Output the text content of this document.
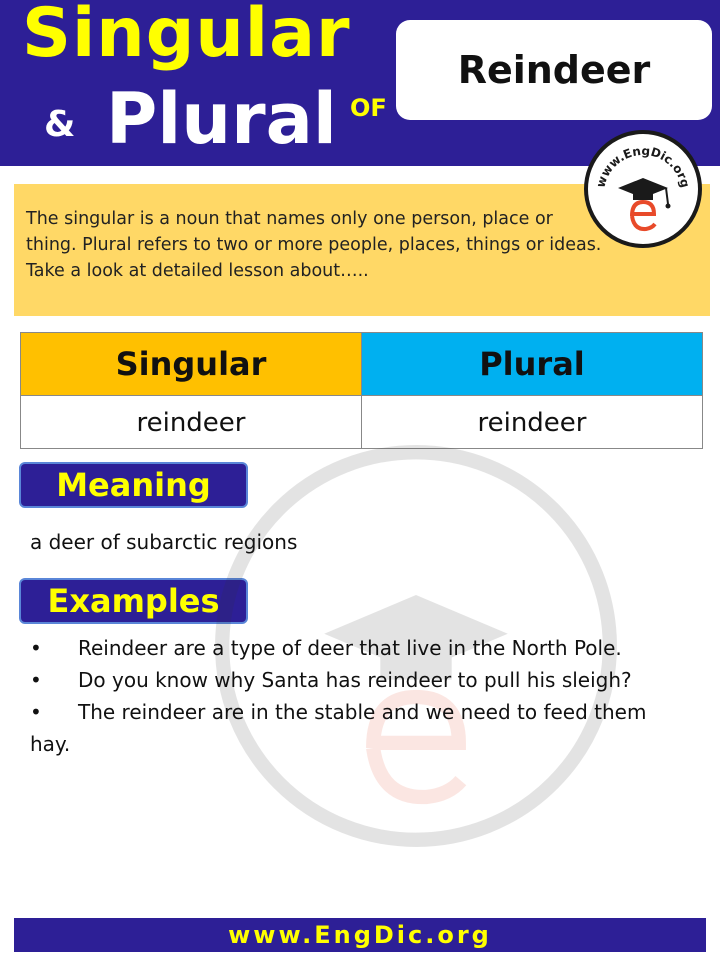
Singular
& Plural OF
Reindeer
www.EngDic.org
The singular is a noun that names only one person, place or thing. Plural refers to two or more people, places, things or ideas. Take a look at detailed lesson about…..
Singular	Plural
reindeer	reindeer
Meaning
a deer of subarctic regions
Examples
• Reindeer are a type of deer that live in the North Pole.
• Do you know why Santa has reindeer to pull his sleigh?
• The reindeer are in the stable and we need to feed them
hay.
www.EngDic.org
